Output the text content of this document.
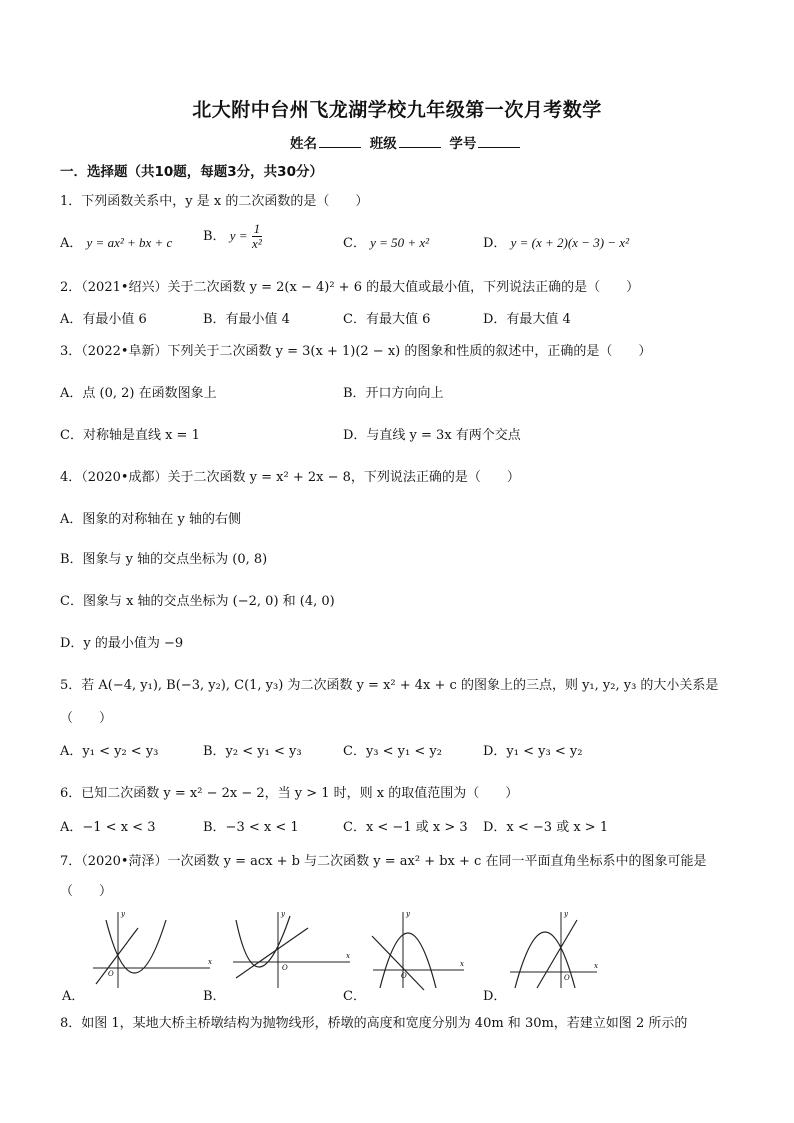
北大附中台州飞龙湖学校九年级第一次月考数学
姓名	班级	学号
一．选择题（共10题，每题3分，共30分）
1．下列函数关系中，y 是 x 的二次函数的是（　　）
A． y = ax² + bx + c B． $y = \frac{1}{\text{x²}}$	C． y = 50 + x²	D． y = (x + 2)(x − 3) − x²
2．（2021•绍兴）关于二次函数 y = 2(x − 4)² + 6 的最大值或最小值，下列说法正确的是（　　）
A．有最小值 6	B．有最小值 4	C．有最大值 6	D．有最大值 4
3．（2022•阜新）下列关于二次函数 y = 3(x + 1)(2 − x) 的图象和性质的叙述中，正确的是（　　）
A．点 (0, 2) 在函数图象上	B．开口方向向上
C．对称轴是直线 x = 1	D．与直线 y = 3x 有两个交点
4．（2020•成都）关于二次函数 y = x² + 2x − 8，下列说法正确的是（　　）
A．图象的对称轴在 y 轴的右侧
B．图象与 y 轴的交点坐标为 (0, 8)
C．图象与 x 轴的交点坐标为 (−2, 0) 和 (4, 0)
D．y 的最小值为 −9
5．若 A(−4, y₁), B(−3, y₂), C(1, y₃) 为二次函数 y = x² + 4x + c 的图象上的三点，则 y₁, y₂, y₃ 的大小关系是
（　　）
A．y₁ < y₂ < y₃	B．y₂ < y₁ < y₃	C．y₃ < y₁ < y₂	D．y₁ < y₃ < y₂
6．已知二次函数 y = x² − 2x − 2，当 y > 1 时，则 x 的取值范围为（　　）
A．−1 < x < 3	B．−3 < x < 1	C．x < −1 或 x > 3 D．x < −3 或 x > 1
7．（2020•菏泽）一次函数 y = acx + b 与二次函数 y = ax² + bx + c 在同一平面直角坐标系中的图象可能是
（　　）
x
y
O
A．
x
y
O
B．
x
y
O
C．
x
y
O
D．
8．如图 1，某地大桥主桥墩结构为抛物线形，桥墩的高度和宽度分别为 40m 和 30m，若建立如图 2 所示的
